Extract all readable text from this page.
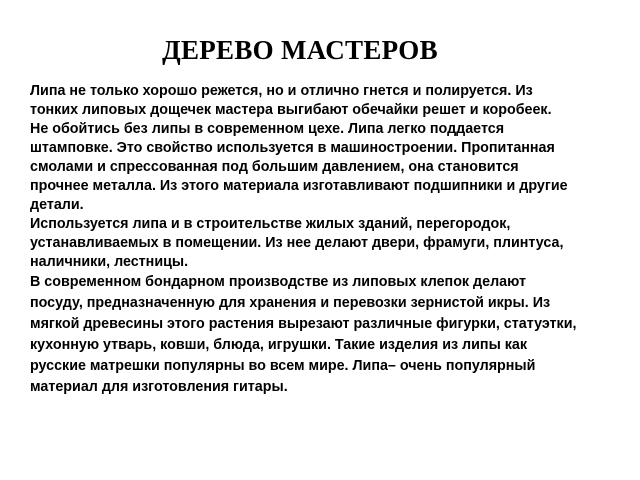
ДЕРЕВО МАСТЕРОВ

Липа не только хорошо режется, но и отлично гнется и полируется. Из тонких липовых дощечек мастера выгибают обечайки решет и коробеек.

Не обойтись без липы в современном цехе. Липа легко поддается штамповке. Это свойство используется в машиностроении. Пропитанная смолами и спрессованная под большим давлением, она становится прочнее металла. Из этого материала изготавливают подшипники и другие детали.

Используется липа и в строительстве жилых зданий, перегородок, устанавливаемых в помещении. Из нее делают двери, фрамуги, плинтуса, наличники, лестницы.

В современном бондарном производстве из липовых клепок делают посуду, предназначенную для хранения и перевозки зернистой икры. Из мягкой древесины этого растения вырезают различные фигурки, статуэтки, кухонную утварь, ковши, блюда, игрушки. Такие изделия из липы как русские матрешки популярны во всем мире. Липа– очень популярный материал для изготовления гитары.
